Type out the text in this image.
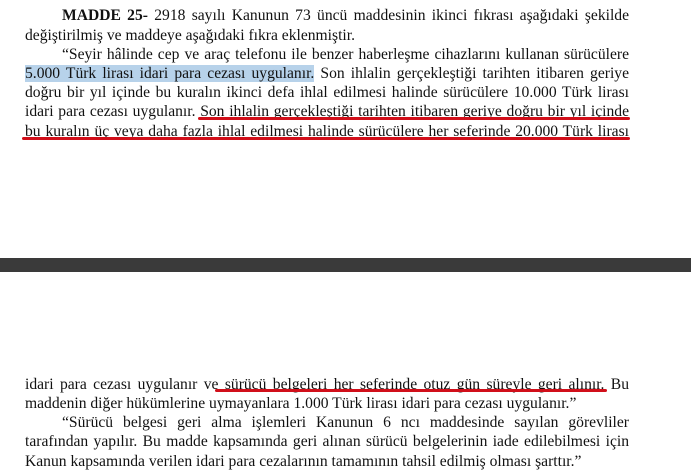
MADDE 25- 2918 sayılı Kanunun 73 üncü maddesinin ikinci fıkrası aşağıdaki şekilde
değiştirilmiş ve maddeye aşağıdaki fıkra eklenmiştir.
“Seyir hâlinde cep ve araç telefonu ile benzer haberleşme cihazlarını kullanan sürücülere
5.000 Türk lirası idari para cezası uygulanır. Son ihlalin gerçekleştiği tarihten itibaren geriye
doğru bir yıl içinde bu kuralın ikinci defa ihlal edilmesi halinde sürücülere 10.000 Türk lirası
idari para cezası uygulanır. Son ihlalin gerçekleştiği tarihten itibaren geriye doğru bir yıl içinde
bu kuralın üç veya daha fazla ihlal edilmesi halinde sürücülere her seferinde 20.000 Türk lirası
idari para cezası uygulanır ve sürücü belgeleri her seferinde otuz gün süreyle geri alınır. Bu
maddenin diğer hükümlerine uymayanlara 1.000 Türk lirası idari para cezası uygulanır.”
“Sürücü belgesi geri alma işlemleri Kanunun 6 ncı maddesinde sayılan görevliler
tarafından yapılır. Bu madde kapsamında geri alınan sürücü belgelerinin iade edilebilmesi için
Kanun kapsamında verilen idari para cezalarının tamamının tahsil edilmiş olması şarttır.”
